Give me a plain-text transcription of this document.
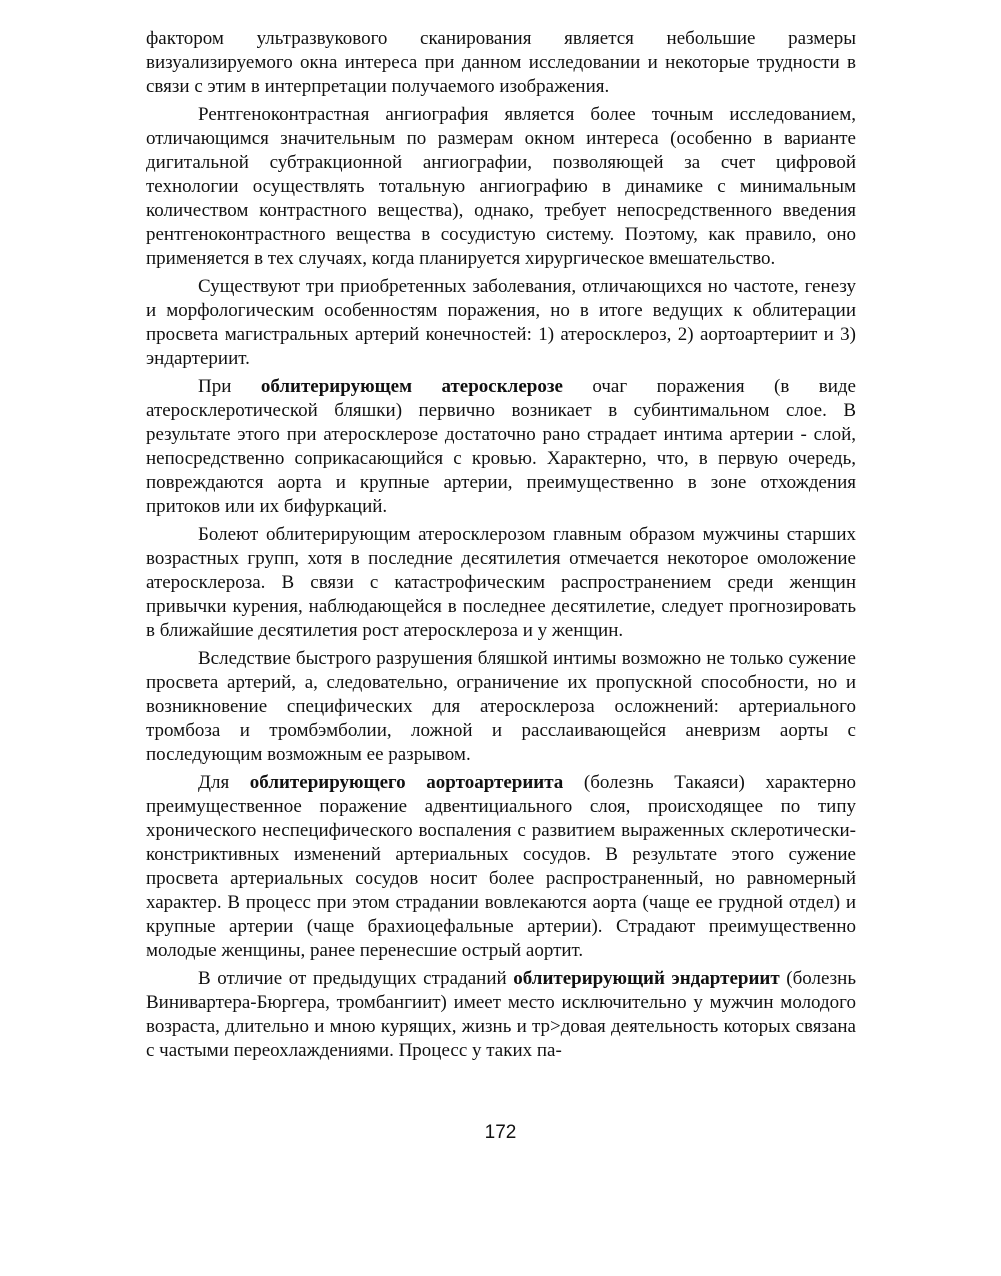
фактором ультразвукового сканирования является небольшие размеры визуализируемого окна интереса при данном исследовании и некоторые трудности в связи с этим в интерпретации получаемого изображения.

Рентгеноконтрастная ангиография является более точным исследованием, отличающимся значительным по размерам окном интереса (особенно в варианте дигитальной субтракционной ангиографии, позволяющей за счет цифровой технологии осуществлять тотальную ангиографию в динамике с минимальным количеством контрастного вещества), однако, требует непосредственного введения рентгеноконтрастного вещества в сосудистую систему. Поэтому, как правило, оно применяется в тех случаях, когда планируется хирургическое вмешательство.

Существуют три приобретенных заболевания, отличающихся но частоте, генезу и морфологическим особенностям поражения, но в итоге ведущих к облитерации просвета магистральных артерий конечностей: 1) атеросклероз, 2) аортоартериит и 3) эндартериит.

При облитерирующем атеросклерозе очаг поражения (в виде атеросклеротической бляшки) первично возникает в субинтимальном слое. В результате этого при атеросклерозе достаточно рано страдает интима артерии - слой, непосредственно соприкасающийся с кровью. Характерно, что, в первую очередь, повреждаются аорта и крупные артерии, преимущественно в зоне отхождения притоков или их бифуркаций.

Болеют облитерирующим атеросклерозом главным образом мужчины старших возрастных групп, хотя в последние десятилетия отмечается некоторое омоложение атеросклероза. В связи с катастрофическим распространением среди женщин привычки курения, наблюдающейся в последнее десятилетие, следует прогнозировать в ближайшие десятилетия рост атеросклероза и у женщин.

Вследствие быстрого разрушения бляшкой интимы возможно не только сужение просвета артерий, а, следовательно, ограничение их пропускной способности, но и возникновение специфических для атеросклероза осложнений: артериального тромбоза и тромбэмболии, ложной и расслаивающейся аневризм аорты с последующим возможным ее разрывом.

Для облитерирующего аортоартериита (болезнь Такаяси) характерно преимущественное поражение адвентициального слоя, происходящее по типу хронического неспецифического воспаления с развитием выраженных склеротически-констриктивных изменений артериальных сосудов. В результате этого сужение просвета артериальных сосудов носит более распространенный, но равномерный характер. В процесс при этом страдании вовлекаются аорта (чаще ее грудной отдел) и крупные артерии (чаще брахиоцефальные артерии). Страдают преимущественно молодые женщины, ранее перенесшие острый аортит.

В отличие от предыдущих страданий облитерирующий эндартериит (болезнь Винивартера-Бюргера, тромбангиит) имеет место исключительно у мужчин молодого возраста, длительно и мною курящих, жизнь и тр>довая деятельность которых связана с частыми переохлаждениями. Процесс у таких па-

172
